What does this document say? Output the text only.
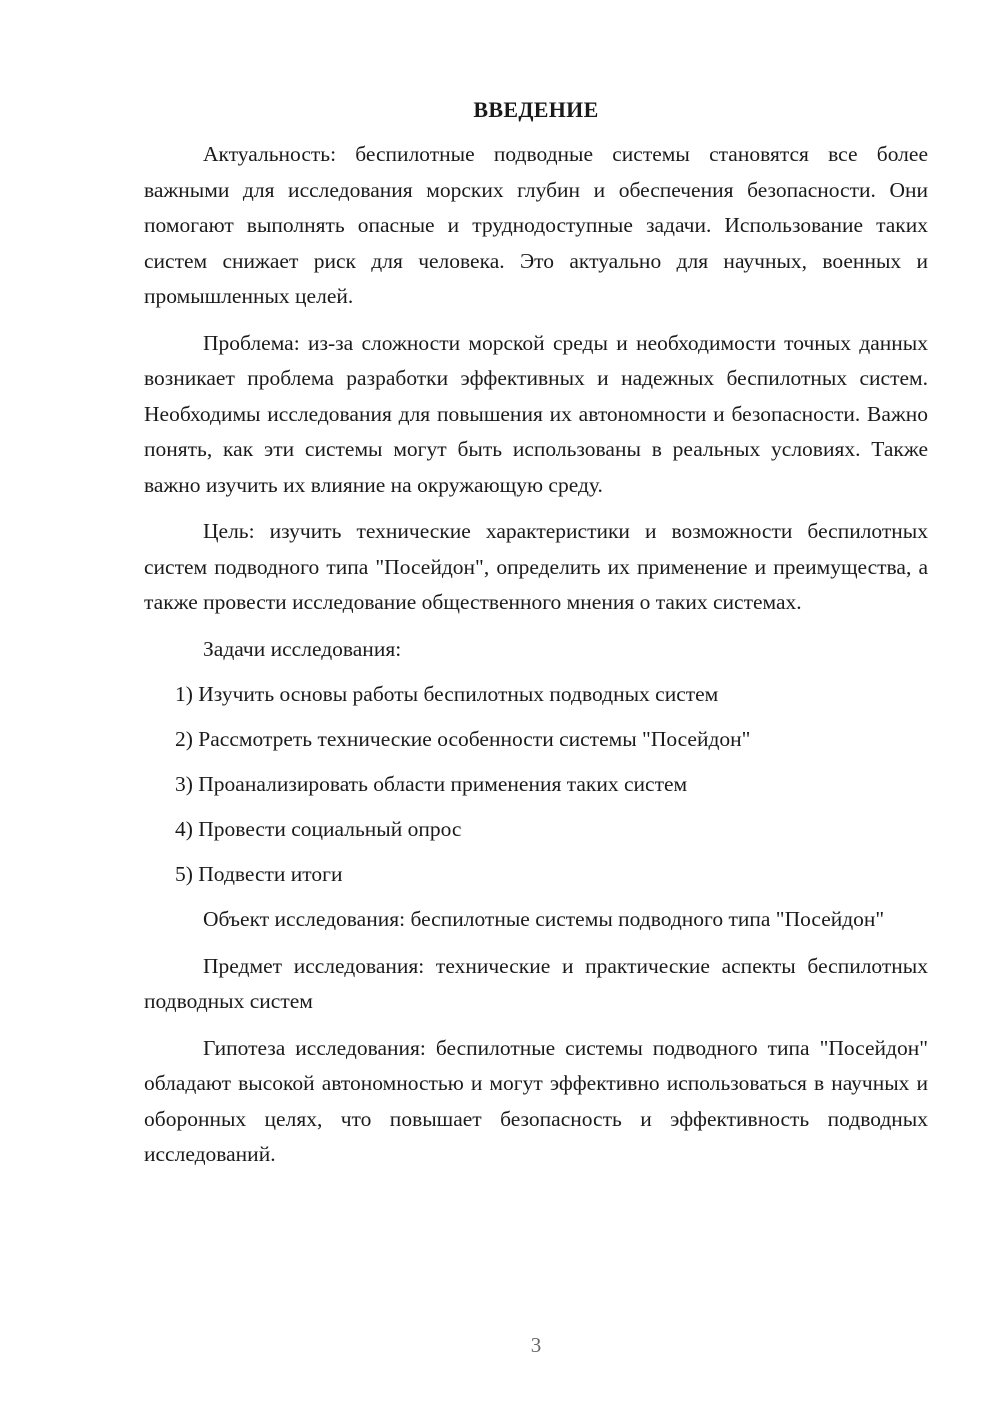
ВВЕДЕНИЕ

Актуальность: беспилотные подводные системы становятся все более важными для исследования морских глубин и обеспечения безопасности. Они помогают выполнять опасные и труднодоступные задачи. Использование таких систем снижает риск для человека. Это актуально для научных, военных и промышленных целей.

Проблема: из-за сложности морской среды и необходимости точных данных возникает проблема разработки эффективных и надежных беспилотных систем. Необходимы исследования для повышения их автономности и безопасности. Важно понять, как эти системы могут быть использованы в реальных условиях. Также важно изучить их влияние на окружающую среду.

Цель: изучить технические характеристики и возможности беспилотных систем подводного типа "Посейдон", определить их применение и преимущества, а также провести исследование общественного мнения о таких системах.

Задачи исследования:
1) Изучить основы работы беспилотных подводных систем
2) Рассмотреть технические особенности системы "Посейдон"
3) Проанализировать области применения таких систем
4) Провести социальный опрос
5) Подвести итоги

Объект исследования: беспилотные системы подводного типа "Посейдон"

Предмет исследования: технические и практические аспекты беспилотных подводных систем

Гипотеза исследования: беспилотные системы подводного типа "Посейдон" обладают высокой автономностью и могут эффективно использоваться в научных и оборонных целях, что повышает безопасность и эффективность подводных исследований.

3
